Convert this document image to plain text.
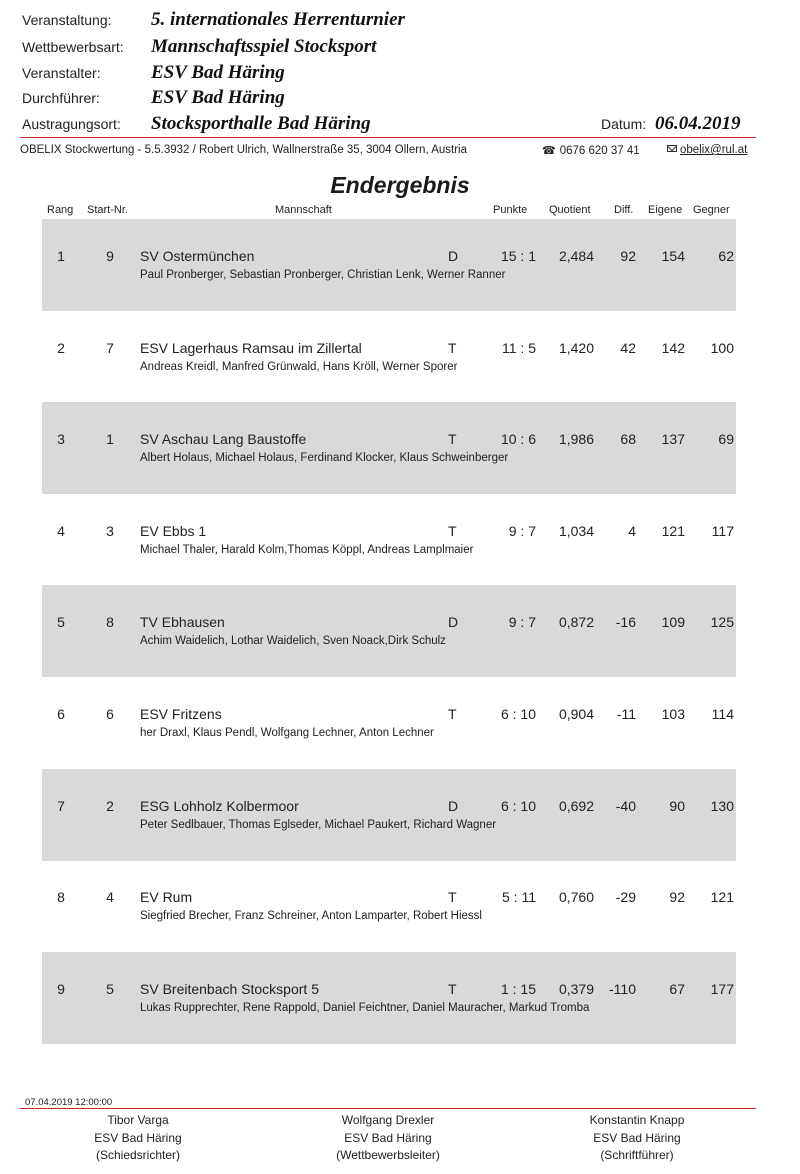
Veranstaltung: 5. internationales Herrenturnier
Wettbewerbsart: Mannschaftsspiel Stocksport
Veranstalter:	ESV Bad Häring
Durchführer:	ESV Bad Häring
Austragungsort: Stocksporthalle Bad Häring	Datum: 06.04.2019
OBELIX Stockwertung - 5.5.3932 / Robert Ulrich, Wallnerstraße 35, 3004 Ollern, Austria	☎ 0676 620 37 41	obelix@rul.at
Endergebnis
Rang Start-Nr.	Mannschaft	Punkte Quotient Diff. Eigene Gegner
1	9	SV Ostermünchen	D	15 : 1	2,484	92	154	62
Paul Pronberger, Sebastian Pronberger, Christian Lenk, Werner Ranner
2	7	ESV Lagerhaus Ramsau im Zillertal	T	11 : 5	1,420	42	142	100
Andreas Kreidl, Manfred Grünwald, Hans Kröll, Werner Sporer
3	1	SV Aschau Lang Baustoffe	T	10 : 6	1,986	68	137	69
Albert Holaus, Michael Holaus, Ferdinand Klocker, Klaus Schweinberger
4	3	EV Ebbs 1	T	9 : 7	1,034	4	121	117
Michael Thaler, Harald Kolm,Thomas Köppl, Andreas Lamplmaier
5	8	TV Ebhausen	D	9 : 7	0,872	-16	109	125
Achim Waidelich, Lothar Waidelich, Sven Noack,Dirk Schulz
6	6	ESV Fritzens	T	6 : 10	0,904	-11	103	114
her Draxl, Klaus Pendl, Wolfgang Lechner, Anton Lechner
7	2	ESG Lohholz Kolbermoor	D	6 : 10	0,692	-40	90	130
Peter Sedlbauer, Thomas Eglseder, Michael Paukert, Richard Wagner
8	4	EV Rum	T	5 : 11	0,760	-29	92	121
Siegfried Brecher, Franz Schreiner, Anton Lamparter, Robert Hiessl
9	5	SV Breitenbach Stocksport 5	T	1 : 15	0,379	-110	67	177
Lukas Rupprechter, Rene Rappold, Daniel Feichtner, Daniel Mauracher, Markud Tromba
07.04.2019 12:00:00
Tibor Varga
ESV Bad Häring
(Schiedsrichter)
Wolfgang Drexler
ESV Bad Häring
(Wettbewerbsleiter)
Konstantin Knapp
ESV Bad Häring
(Schriftführer)
